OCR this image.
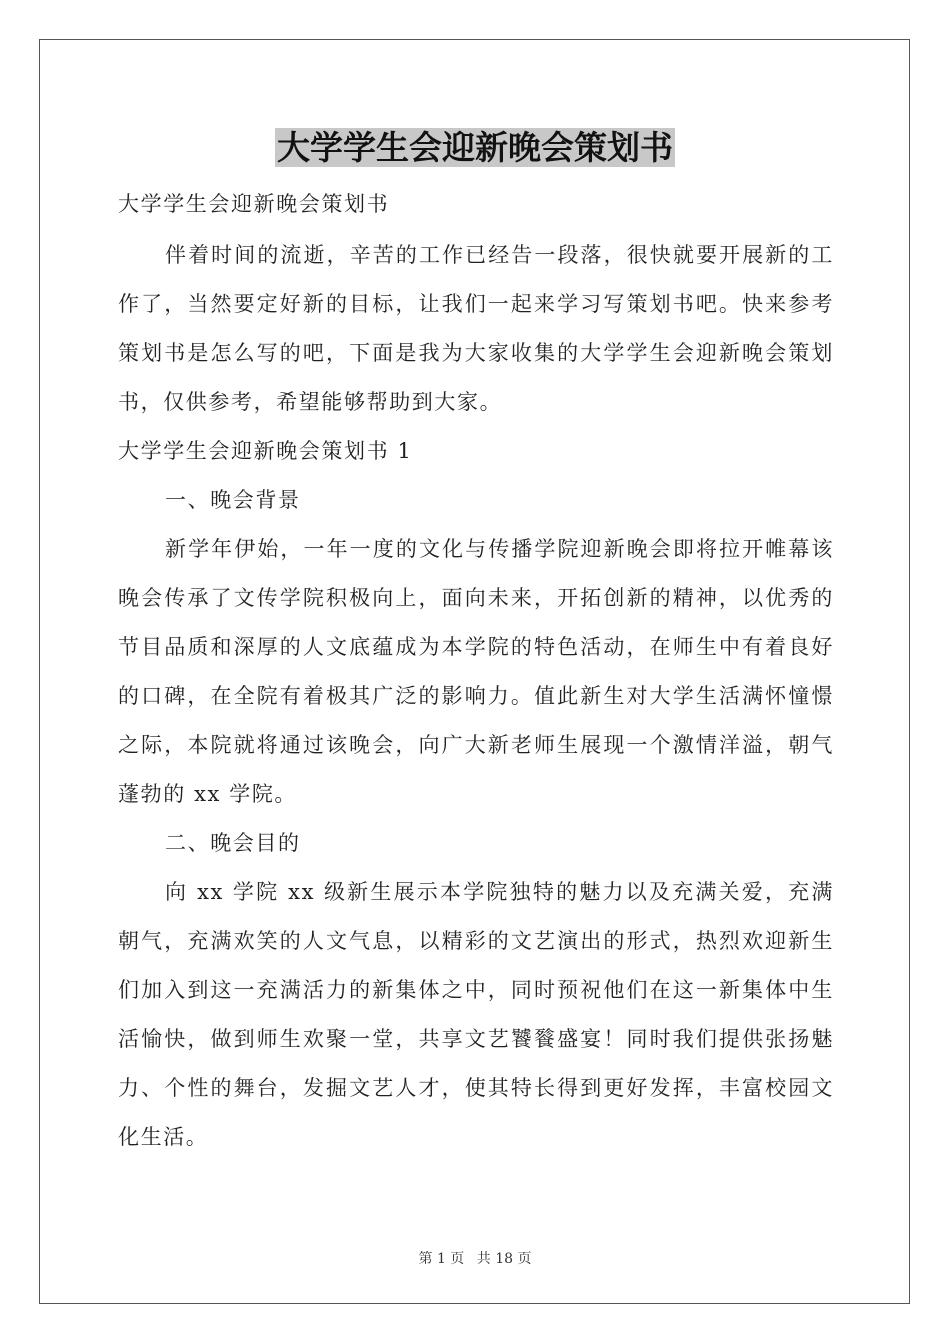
大学学生会迎新晚会策划书

大学学生会迎新晚会策划书

伴着时间的流逝，辛苦的工作已经告一段落，很快就要开展新的工作了，当然要定好新的目标，让我们一起来学习写策划书吧。快来参考策划书是怎么写的吧，下面是我为大家收集的大学学生会迎新晚会策划书，仅供参考，希望能够帮助到大家。

大学学生会迎新晚会策划书 1

一、晚会背景

新学年伊始，一年一度的文化与传播学院迎新晚会即将拉开帷幕该晚会传承了文传学院积极向上，面向未来，开拓创新的精神，以优秀的节目品质和深厚的人文底蕴成为本学院的特色活动，在师生中有着良好的口碑，在全院有着极其广泛的影响力。值此新生对大学生活满怀憧憬之际，本院就将通过该晚会，向广大新老师生展现一个激情洋溢，朝气蓬勃的 xx 学院。

二、晚会目的

向 xx 学院 xx 级新生展示本学院独特的魅力以及充满关爱，充满朝气，充满欢笑的人文气息，以精彩的文艺演出的形式，热烈欢迎新生们加入到这一充满活力的新集体之中，同时预祝他们在这一新集体中生活愉快，做到师生欢聚一堂，共享文艺饕餮盛宴！同时我们提供张扬魅力、个性的舞台，发掘文艺人才，使其特长得到更好发挥，丰富校园文化生活。

第 1 页 共 18 页
